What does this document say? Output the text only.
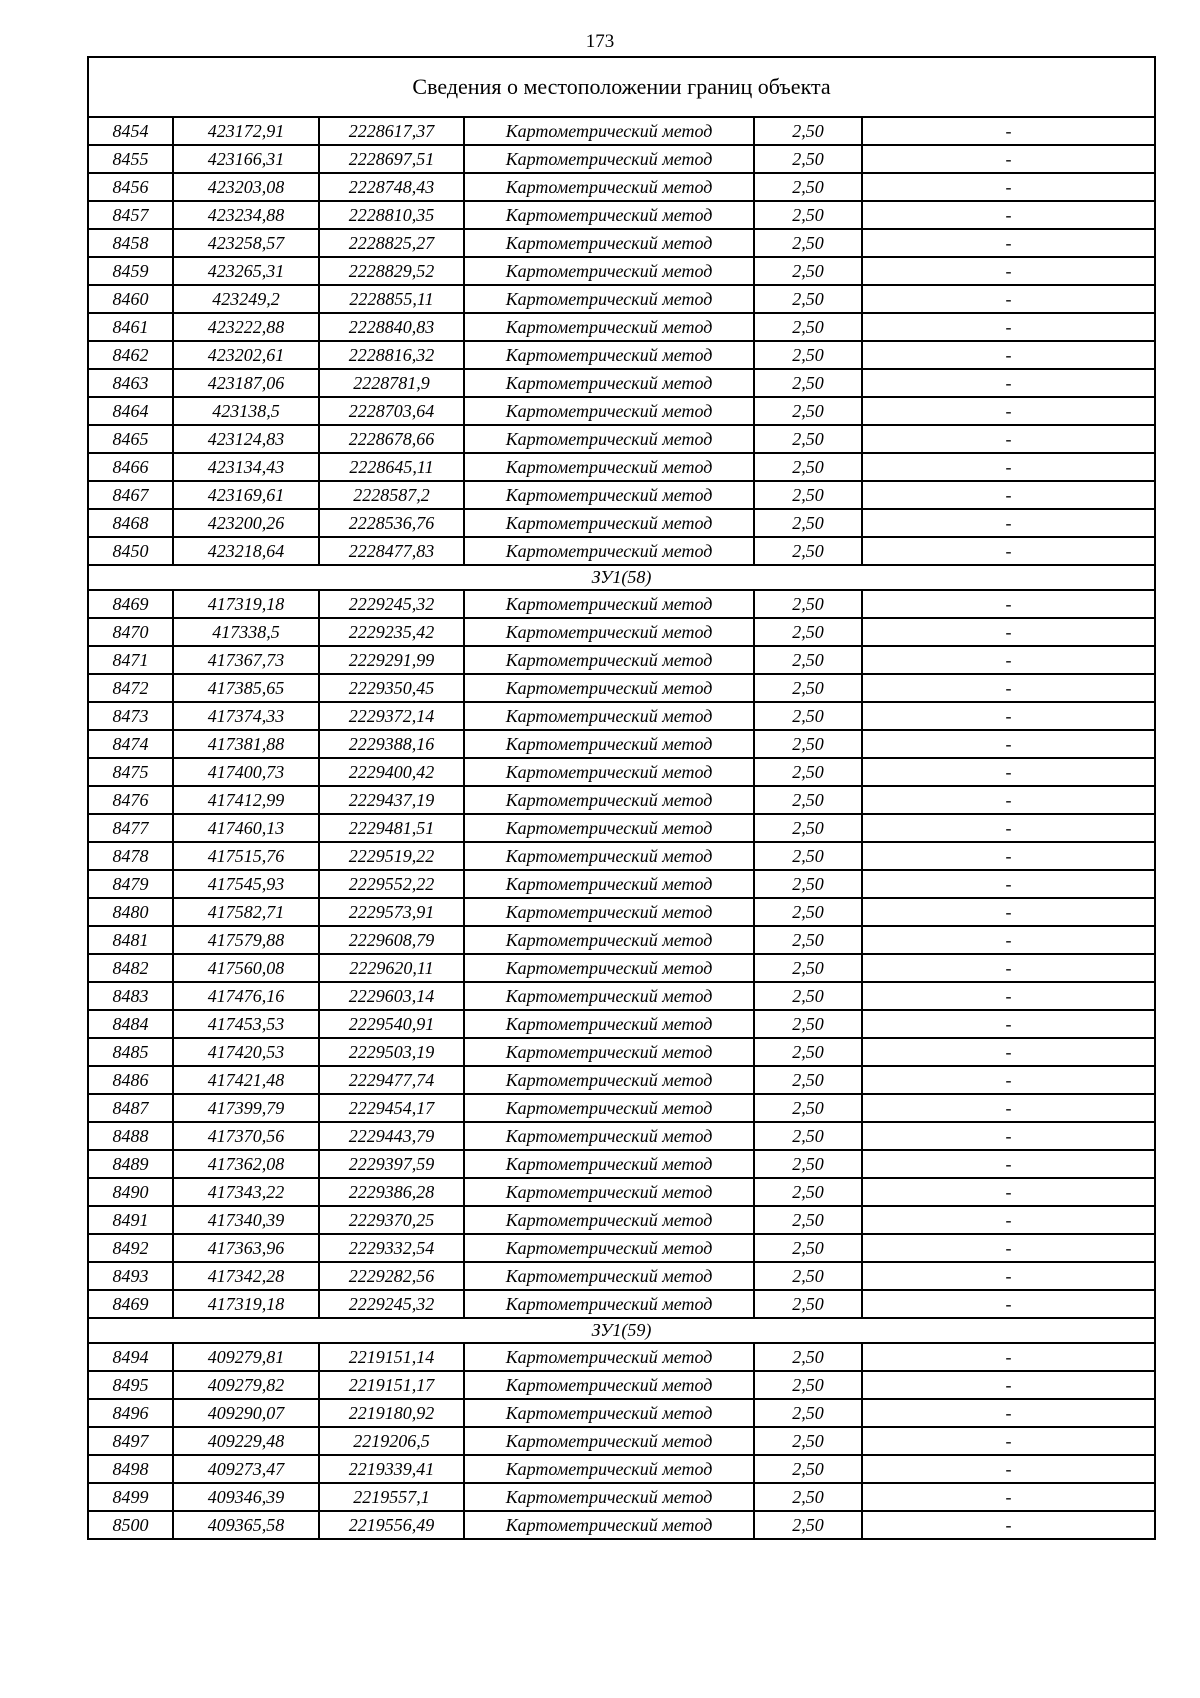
173
Сведения о местоположении границ объекта					
8454	423172,91	2228617,37	Картометрический метод	2,50	-
8455	423166,31	2228697,51	Картометрический метод	2,50	-
8456	423203,08	2228748,43	Картометрический метод	2,50	-
8457	423234,88	2228810,35	Картометрический метод	2,50	-
8458	423258,57	2228825,27	Картометрический метод	2,50	-
8459	423265,31	2228829,52	Картометрический метод	2,50	-
8460	423249,2	2228855,11	Картометрический метод	2,50	-
8461	423222,88	2228840,83	Картометрический метод	2,50	-
8462	423202,61	2228816,32	Картометрический метод	2,50	-
8463	423187,06	2228781,9	Картометрический метод	2,50	-
8464	423138,5	2228703,64	Картометрический метод	2,50	-
8465	423124,83	2228678,66	Картометрический метод	2,50	-
8466	423134,43	2228645,11	Картометрический метод	2,50	-
8467	423169,61	2228587,2	Картометрический метод	2,50	-
8468	423200,26	2228536,76	Картометрический метод	2,50	-
8450	423218,64	2228477,83	Картометрический метод	2,50	-
ЗУ1(58)					
8469	417319,18	2229245,32	Картометрический метод	2,50	-
8470	417338,5	2229235,42	Картометрический метод	2,50	-
8471	417367,73	2229291,99	Картометрический метод	2,50	-
8472	417385,65	2229350,45	Картометрический метод	2,50	-
8473	417374,33	2229372,14	Картометрический метод	2,50	-
8474	417381,88	2229388,16	Картометрический метод	2,50	-
8475	417400,73	2229400,42	Картометрический метод	2,50	-
8476	417412,99	2229437,19	Картометрический метод	2,50	-
8477	417460,13	2229481,51	Картометрический метод	2,50	-
8478	417515,76	2229519,22	Картометрический метод	2,50	-
8479	417545,93	2229552,22	Картометрический метод	2,50	-
8480	417582,71	2229573,91	Картометрический метод	2,50	-
8481	417579,88	2229608,79	Картометрический метод	2,50	-
8482	417560,08	2229620,11	Картометрический метод	2,50	-
8483	417476,16	2229603,14	Картометрический метод	2,50	-
8484	417453,53	2229540,91	Картометрический метод	2,50	-
8485	417420,53	2229503,19	Картометрический метод	2,50	-
8486	417421,48	2229477,74	Картометрический метод	2,50	-
8487	417399,79	2229454,17	Картометрический метод	2,50	-
8488	417370,56	2229443,79	Картометрический метод	2,50	-
8489	417362,08	2229397,59	Картометрический метод	2,50	-
8490	417343,22	2229386,28	Картометрический метод	2,50	-
8491	417340,39	2229370,25	Картометрический метод	2,50	-
8492	417363,96	2229332,54	Картометрический метод	2,50	-
8493	417342,28	2229282,56	Картометрический метод	2,50	-
8469	417319,18	2229245,32	Картометрический метод	2,50	-
ЗУ1(59)					
8494	409279,81	2219151,14	Картометрический метод	2,50	-
8495	409279,82	2219151,17	Картометрический метод	2,50	-
8496	409290,07	2219180,92	Картометрический метод	2,50	-
8497	409229,48	2219206,5	Картометрический метод	2,50	-
8498	409273,47	2219339,41	Картометрический метод	2,50	-
8499	409346,39	2219557,1	Картометрический метод	2,50	-
8500	409365,58	2219556,49	Картометрический метод	2,50	-
